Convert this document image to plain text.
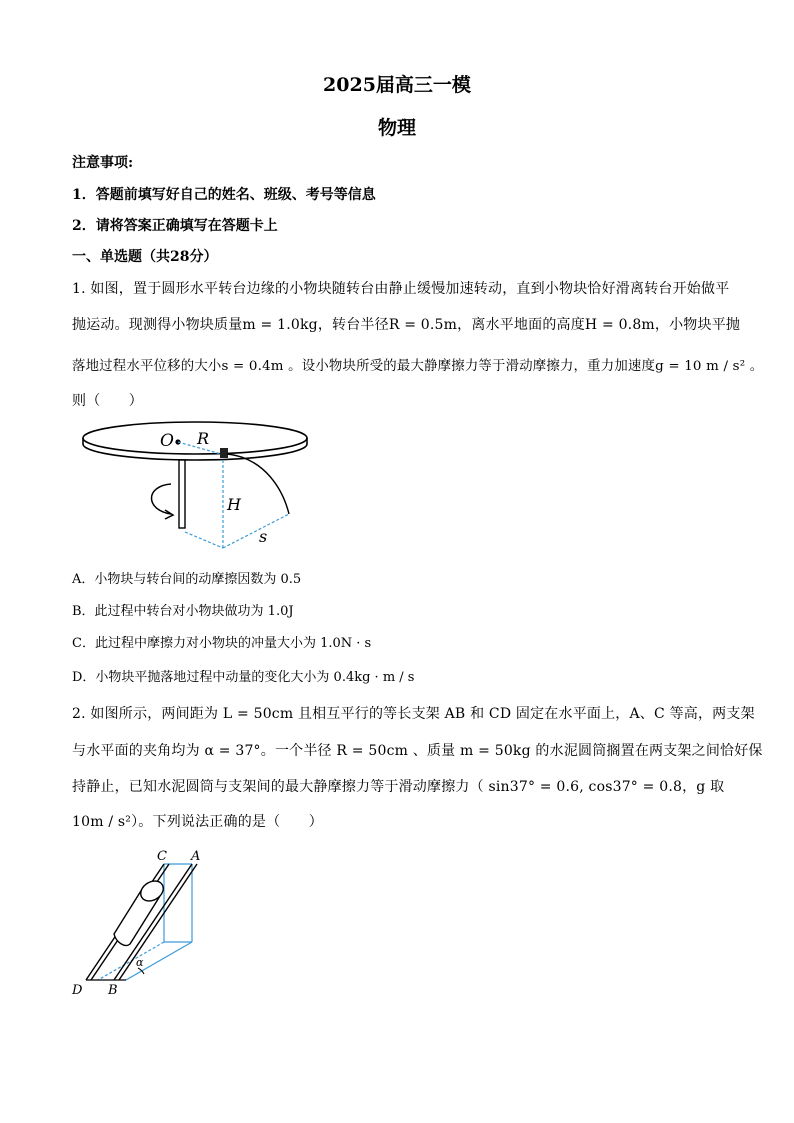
2025届高三一模
物理
注意事项:
1．答题前填写好自己的姓名、班级、考号等信息
2．请将答案正确填写在答题卡上
一、单选题（共28分）
1. 如图，置于圆形水平转台边缘的小物块随转台由静止缓慢加速转动，直到小物块恰好滑离转台开始做平
抛运动。现测得小物块质量m = 1.0kg，转台半径R = 0.5m，离水平地面的高度H = 0.8m，小物块平抛
落地过程水平位移的大小s = 0.4m 。设小物块所受的最大静摩擦力等于滑动摩擦力，重力加速度g = 10 m / s² 。
则（　　）
O R
H
s
A．小物块与转台间的动摩擦因数为 0.5
B．此过程中转台对小物块做功为 1.0J
C．此过程中摩擦力对小物块的冲量大小为 1.0N · s
D．小物块平抛落地过程中动量的变化大小为 0.4kg · m / s
2. 如图所示，两间距为 L = 50cm 且相互平行的等长支架 AB 和 CD 固定在水平面上，A、C 等高，两支架
与水平面的夹角均为 α = 37°。一个半径 R = 50cm 、质量 m = 50kg 的水泥圆筒搁置在两支架之间恰好保
持静止，已知水泥圆筒与支架间的最大静摩擦力等于滑动摩擦力（ sin37° = 0.6, cos37° = 0.8，g 取
10m / s²）。下列说法正确的是（　　）
α
C A
D B
